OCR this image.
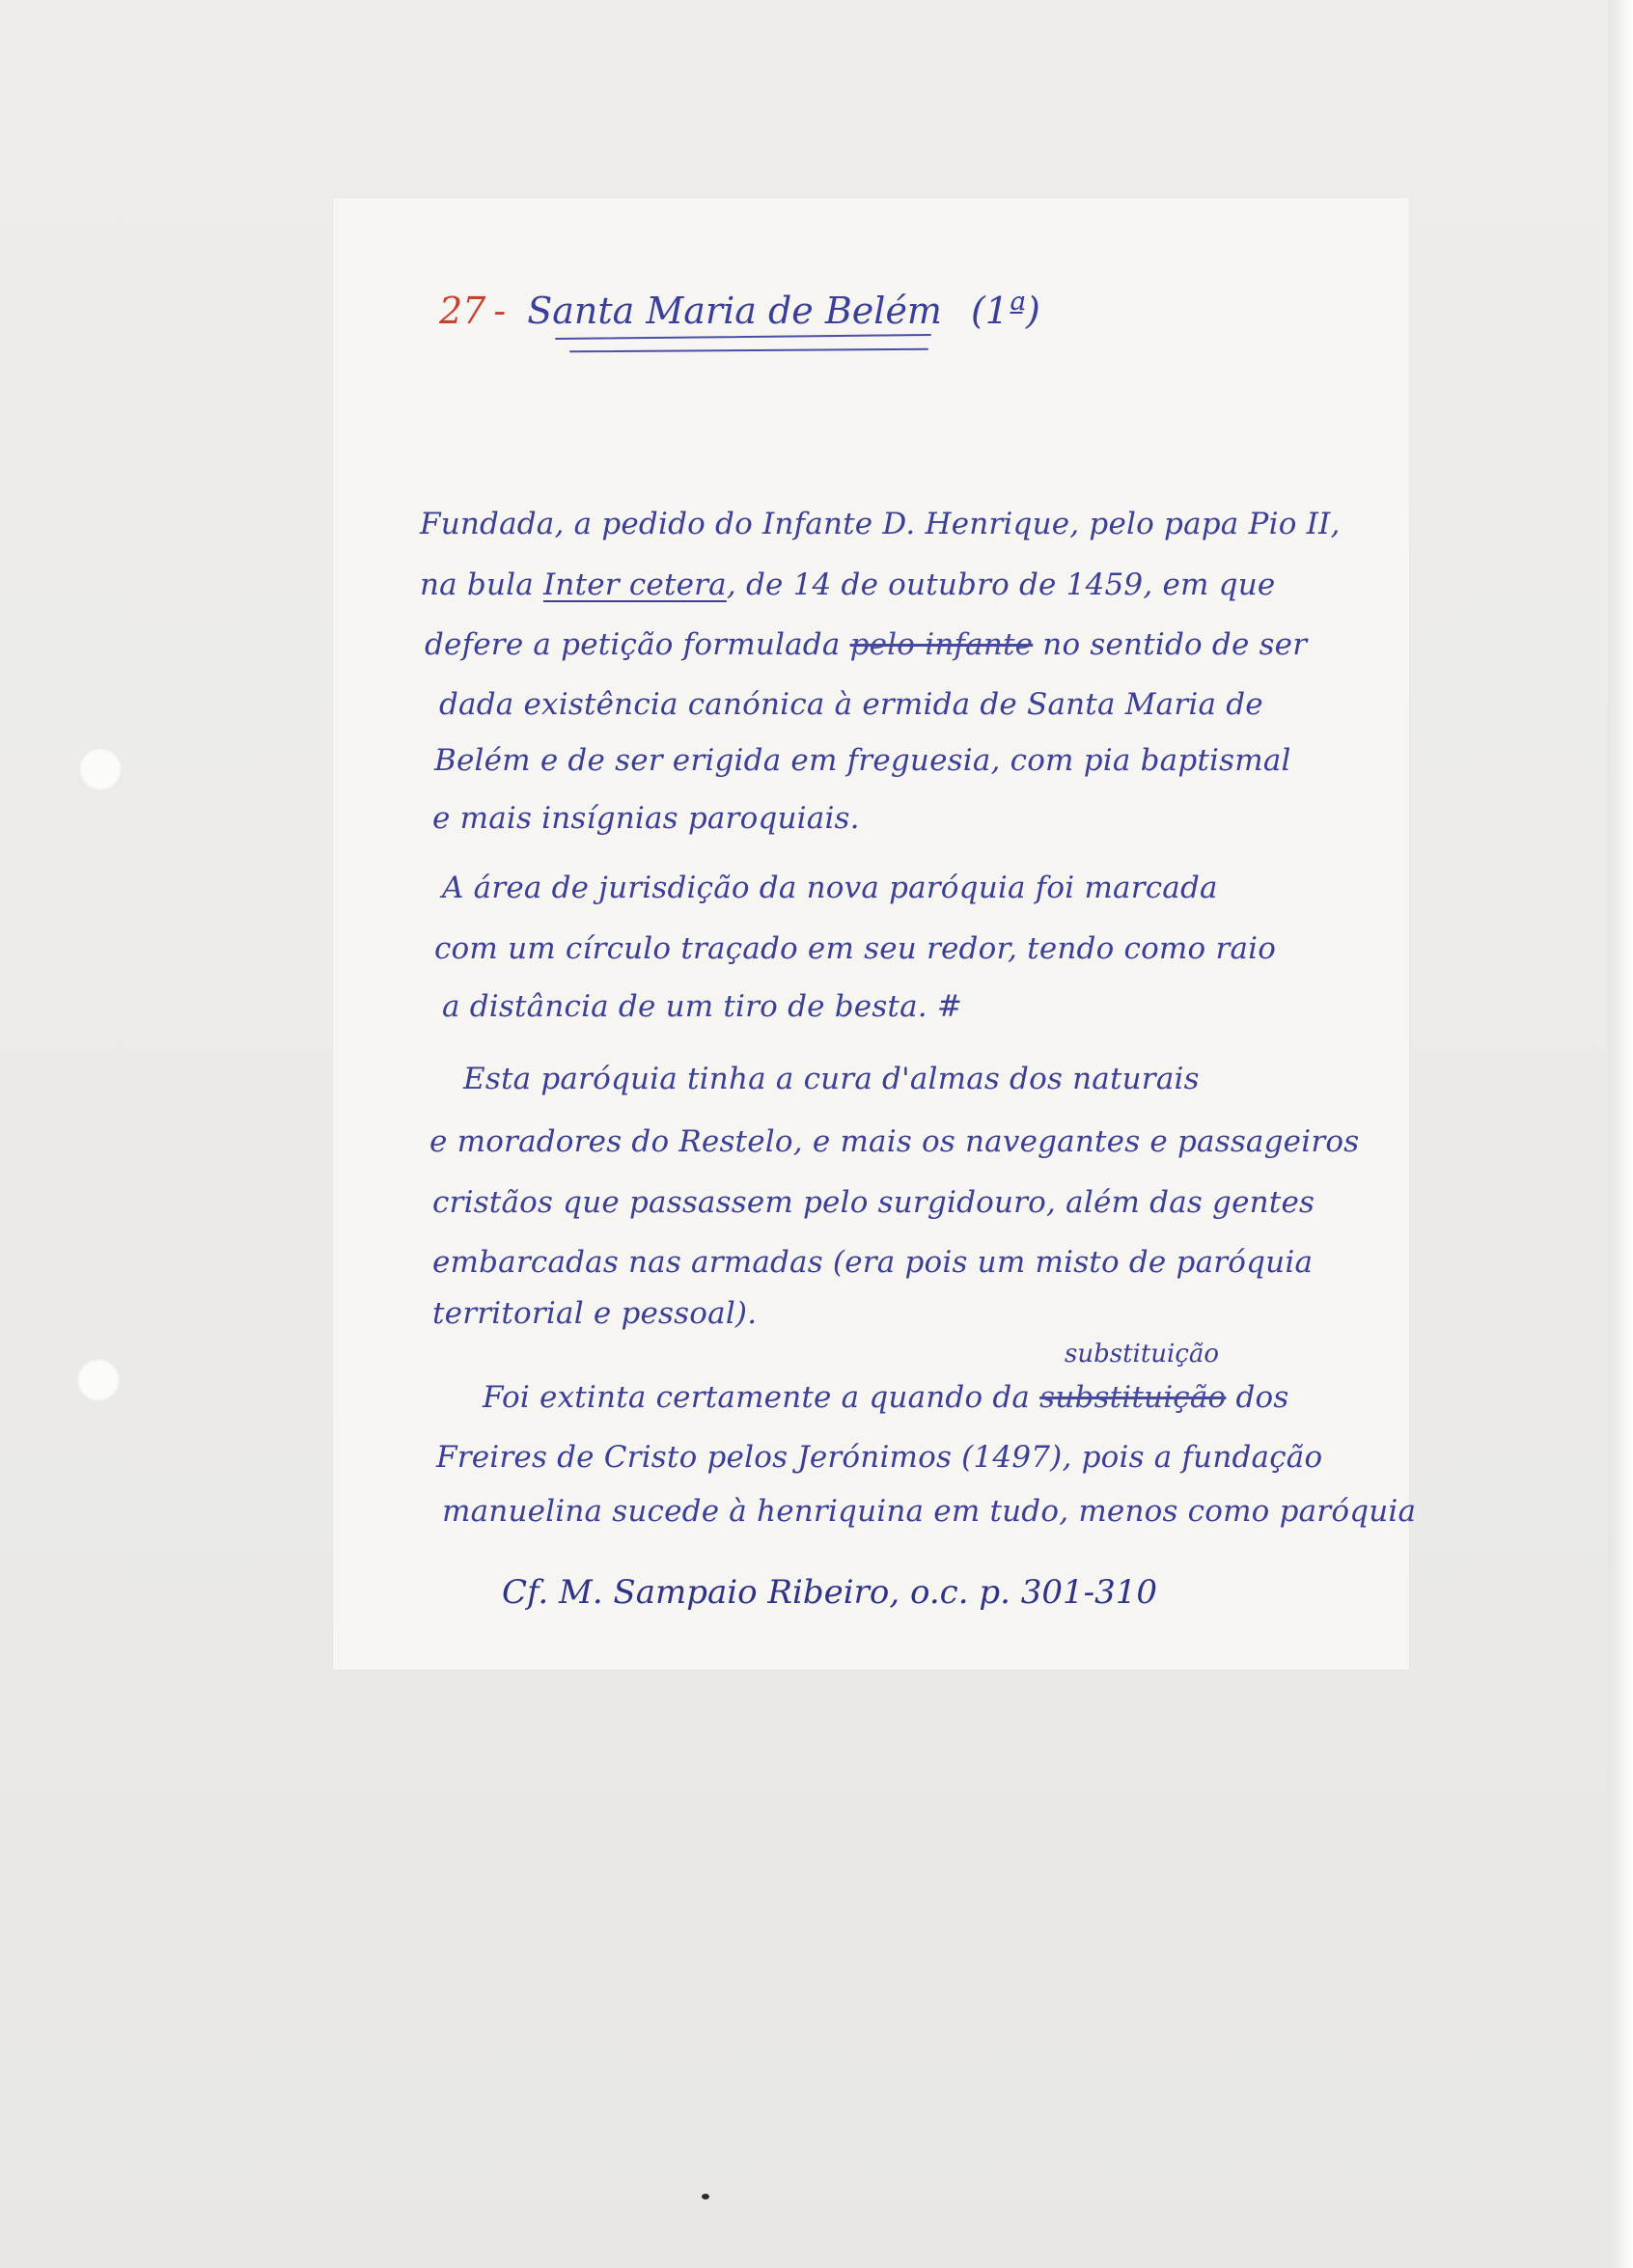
27 - Santa Maria de Belém (1ª)
Fundada, a pedido do Infante D. Henrique, pelo papa Pio II,
na bula Inter cetera, de 14 de outubro de 1459, em que
defere a petição formulada pelo infante no sentido de ser
dada existência canónica à ermida de Santa Maria de
Belém e de ser erigida em freguesia, com pia baptismal
e mais insígnias paroquiais.
A área de jurisdição da nova paróquia foi marcada
com um círculo traçado em seu redor, tendo como raio
a distância de um tiro de besta. #
Esta paróquia tinha a cura d'almas dos naturais
e moradores do Restelo, e mais os navegantes e passageiros
cristãos que passassem pelo surgidouro, além das gentes
embarcadas nas armadas (era pois um misto de paróquia
territorial e pessoal).
substituição
Foi extinta certamente a quando da substituição dos
Freires de Cristo pelos Jerónimos (1497), pois a fundação
manuelina sucede à henriquina em tudo, menos como paróquia
Cf. M. Sampaio Ribeiro, o.c. p. 301-310
